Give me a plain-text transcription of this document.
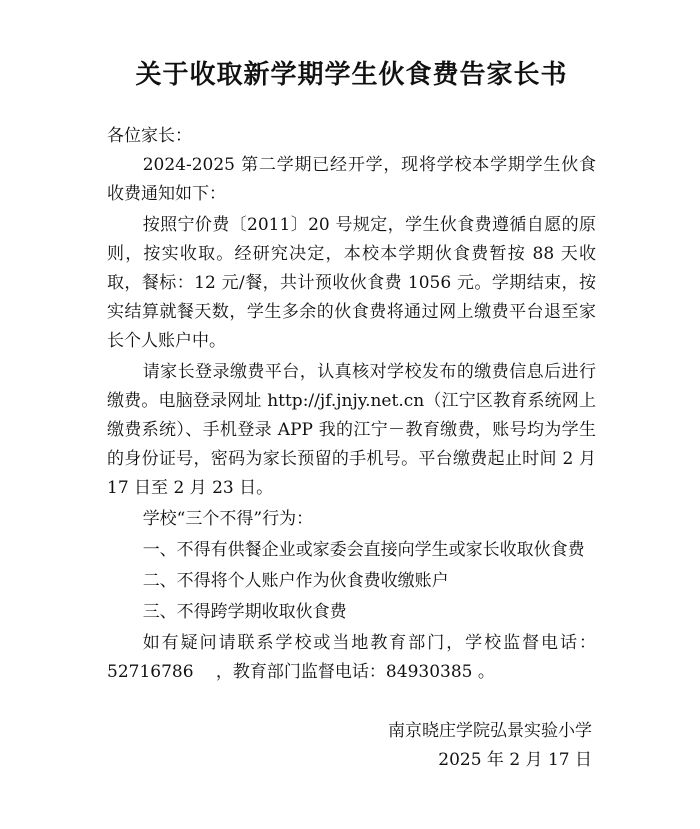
关于收取新学期学生伙食费告家长书

各位家长：

2024-2025 第二学期已经开学，现将学校本学期学生伙食收费通知如下：

按照宁价费〔2011〕20 号规定，学生伙食费遵循自愿的原则，按实收取。经研究决定，本校本学期伙食费暂按 88 天收取，餐标：12 元/餐，共计预收伙食费 1056 元。学期结束，按实结算就餐天数，学生多余的伙食费将通过网上缴费平台退至家长个人账户中。

请家长登录缴费平台，认真核对学校发布的缴费信息后进行缴费。电脑登录网址 http://jf.jnjy.net.cn（江宁区教育系统网上缴费系统）、手机登录 APP 我的江宁－教育缴费，账号均为学生的身份证号，密码为家长预留的手机号。平台缴费起止时间 2 月 17 日至 2 月 23 日。

学校“三个不得”行为：

一、不得有供餐企业或家委会直接向学生或家长收取伙食费

二、不得将个人账户作为伙食费收缴账户

三、不得跨学期收取伙食费

如有疑问请联系学校或当地教育部门，学校监督电话：52716786　 ，教育部门监督电话：84930385 。

南京晓庄学院弘景实验小学

2025 年 2 月 17 日
